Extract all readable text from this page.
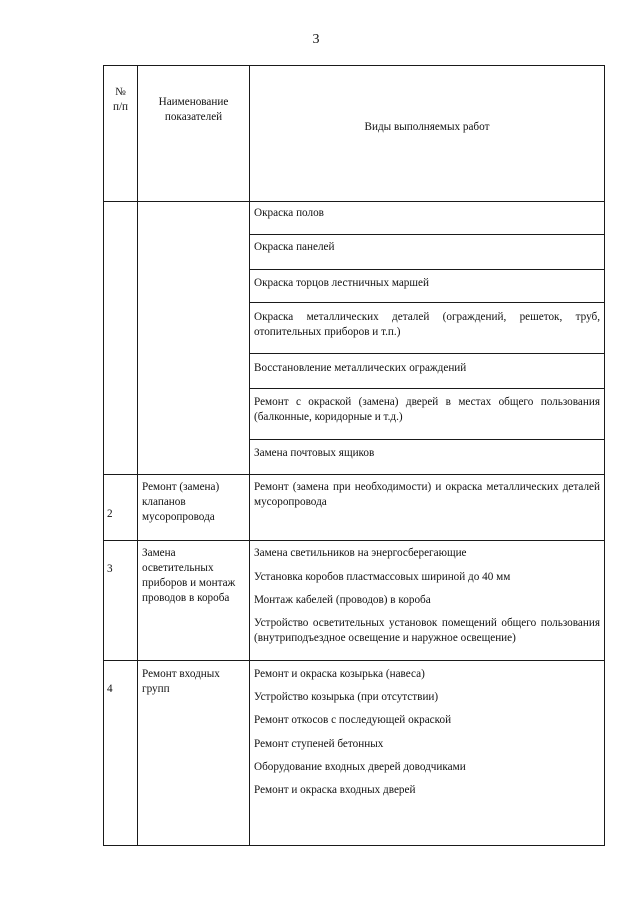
3
№
п/п	Наименование
показателей
Виды выполняемых работ
Окраска полов
Окраска панелей
Окраска торцов лестничных маршей
Окраска металлических деталей (ограждений, решеток, труб, отопительных приборов и т.п.)
Восстановление металлических ограждений
Ремонт с окраской (замена) дверей в местах общего пользования (балконные, коридорные и т.д.)
Замена почтовых ящиков
2
Ремонт (замена) клапанов мусоропровода
Ремонт (замена при необходимости) и окраска металлических деталей мусоропровода
3
Замена осветительных приборов и монтаж проводов в короба
Замена светильников на энергосберегающие
Установка коробов пластмассовых шириной до 40 мм
Монтаж кабелей (проводов) в короба
Устройство осветительных установок помещений общего пользования (внутриподъездное освещение и наружное освещение)
4
Ремонт входных групп
Ремонт и окраска козырька (навеса)
Устройство козырька (при отсутствии)
Ремонт откосов с последующей окраской
Ремонт ступеней бетонных
Оборудование входных дверей доводчиками
Ремонт и окраска входных дверей
